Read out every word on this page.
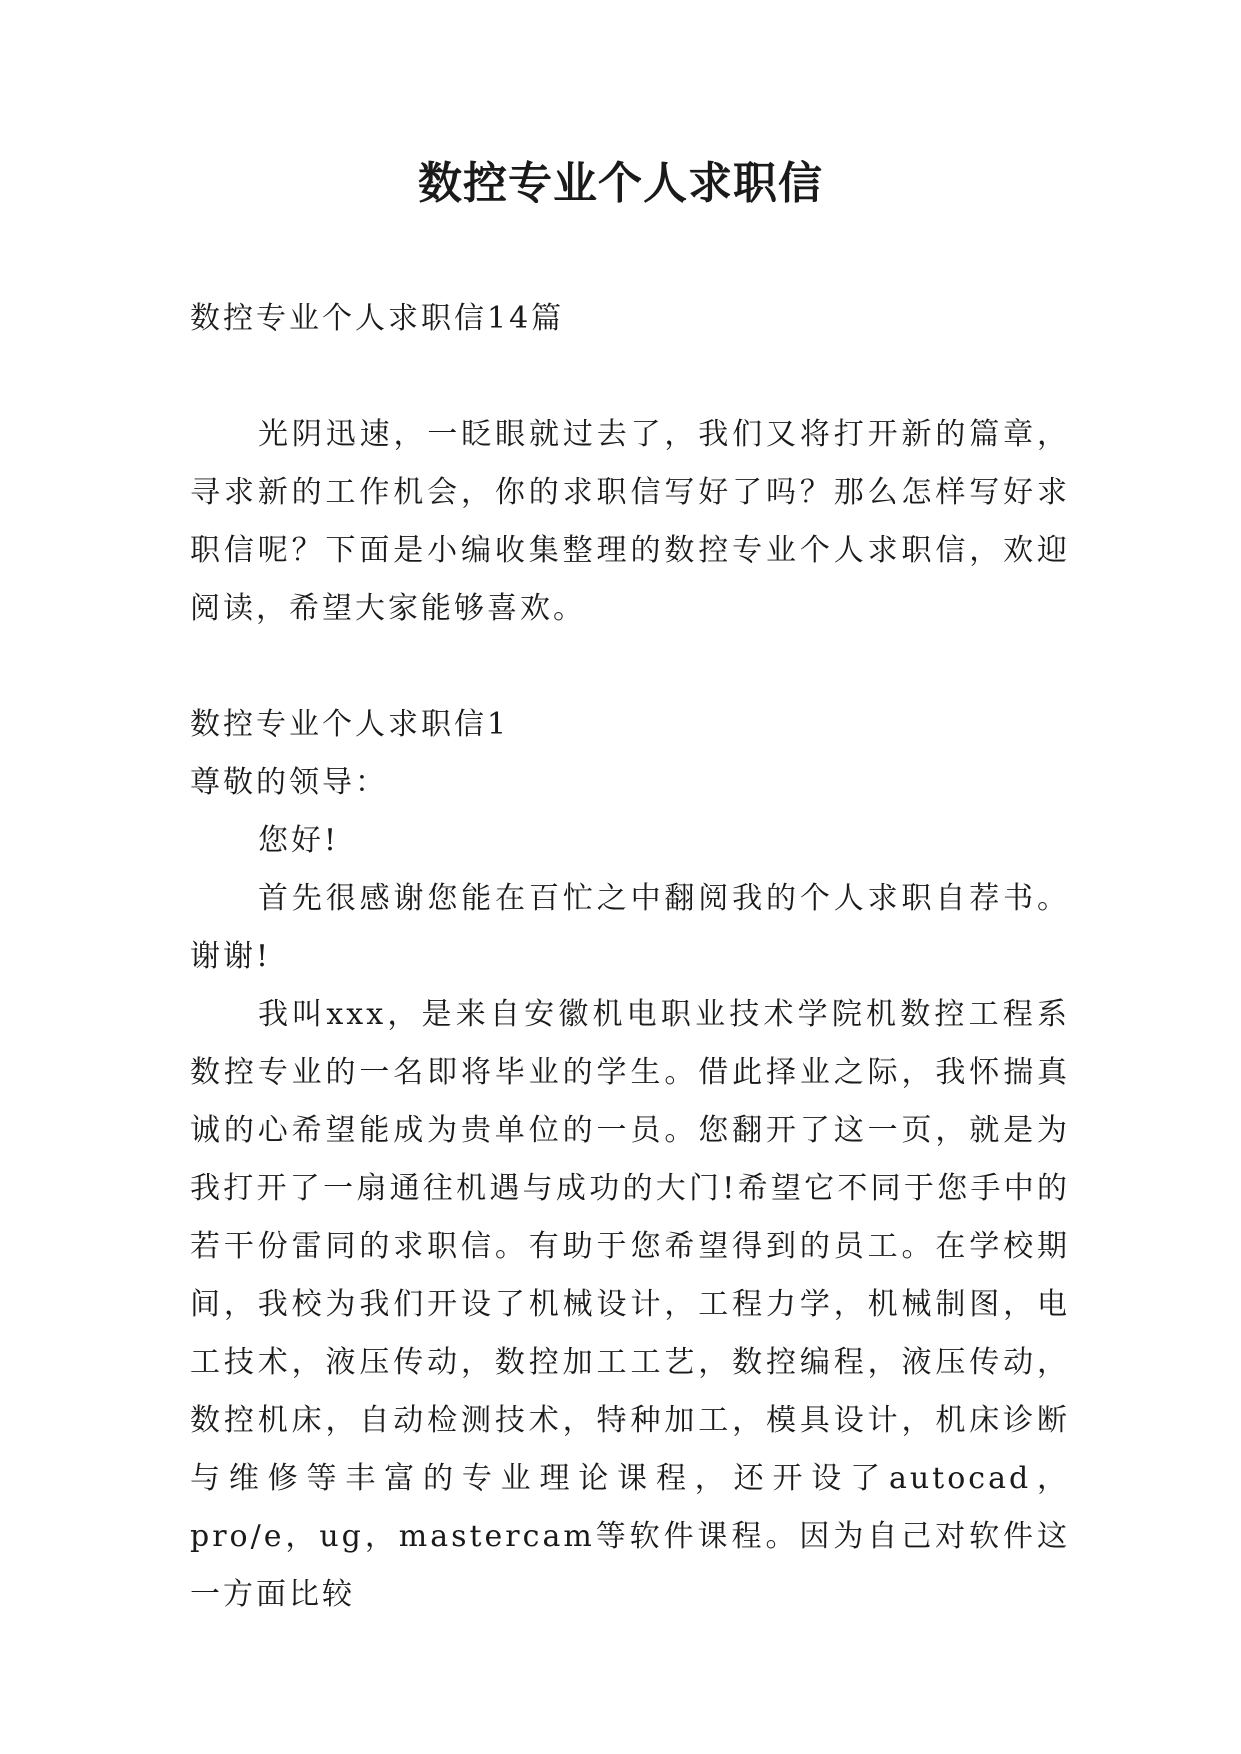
数控专业个人求职信

数控专业个人求职信14篇

光阴迅速，一眨眼就过去了，我们又将打开新的篇章，寻求新的工作机会，你的求职信写好了吗？那么怎样写好求职信呢？下面是小编收集整理的数控专业个人求职信，欢迎阅读，希望大家能够喜欢。

数控专业个人求职信1

尊敬的领导：

您好!

首先很感谢您能在百忙之中翻阅我的个人求职自荐书。谢谢!

我叫xxx，是来自安徽机电职业技术学院机数控工程系数控专业的一名即将毕业的学生。借此择业之际，我怀揣真诚的心希望能成为贵单位的一员。您翻开了这一页，就是为我打开了一扇通往机遇与成功的大门!希望它不同于您手中的若干份雷同的求职信。有助于您希望得到的员工。在学校期间，我校为我们开设了机械设计，工程力学，机械制图，电工技术，液压传动，数控加工工艺，数控编程，液压传动，数控机床，自动检测技术，特种加工，模具设计，机床诊断与维修等丰富的专业理论课程，还开设了autocad，pro/e，ug，mastercam等软件课程。因为自己对软件这一方面比较
